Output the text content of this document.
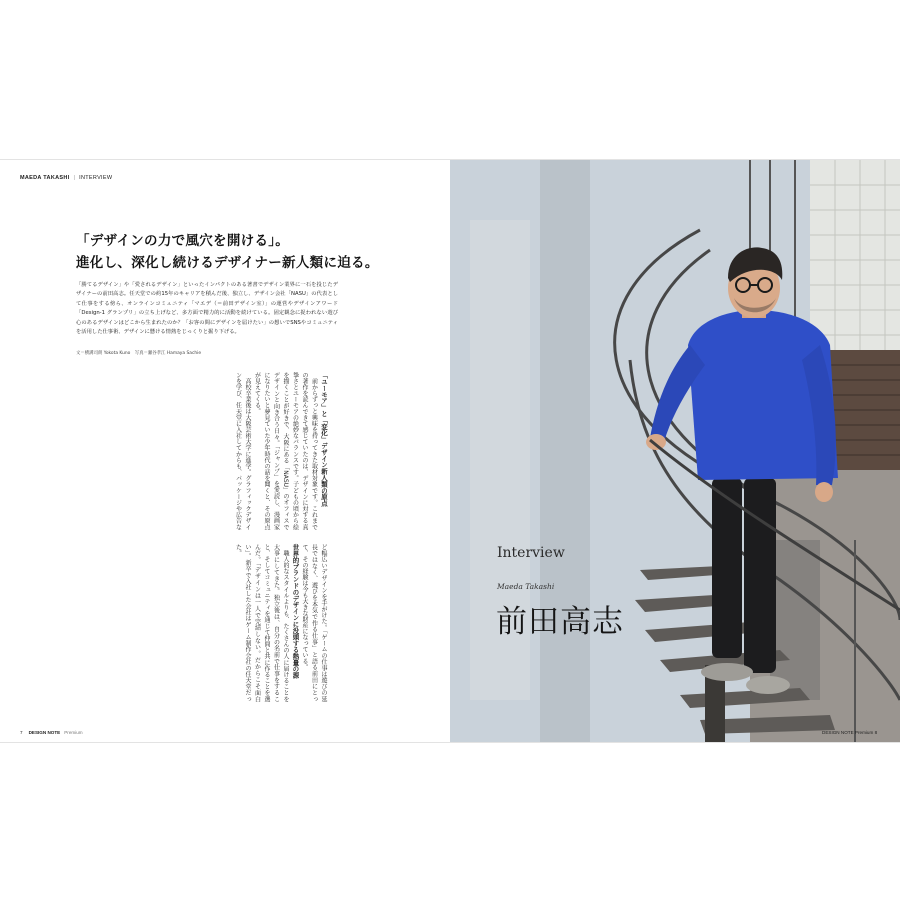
MAEDA TAKASHI | INTERVIEW
「デザインの力で風穴を開ける」。
進化し、深化し続けるデザイナー新人類に迫る。
「勝てるデザイン」や「愛されるデザイン」といったインパクトのある著書でデザイン業界に一石を投じたデザイナーの前田高志。任天堂での約15年のキャリアを積んだ後、独立し、デザイン会社「NASU」の代表として仕事をする傍ら、オンラインコミュニティ「マエデ（＝前田デザイン室）」の運営やデザインアワード「Design-1 グランプリ」の立ち上げなど、多方面で精力的に活動を続けている。固定観念に捉われない遊び心のあるデザインはどこから生まれたのか？「お客の間にデザインを届けたい」の想いでSNSやコミュニティを活用した仕事術、デザインに懸ける情熱をじっくりと掘り下げる。
文＝横溝司朗 Yokota Kuno　写真＝瀬谷孝江 Hamaya Sachie
「ユーモア」と「変化」デザイン新人類の原点

前からずっと興味を持ってきた取材対象です。これまでの著作を読んできて感じていたのは、デザインに対する真摯さとユーモアの絶妙なバランスです。子どもの頃から絵を描くことが好きで、大阪にある「NASU」のオフィスでデザインと向き合う日々。「ジャンプ」を愛読し、漫画家になりたいと夢見ていた少年時代の話を聞くと、その原点が見えてくる。

高校卒業後は大阪芸術大学に進学。グラフィックデザインを学び、任天堂に入社してからも、パッケージや広告など幅広いデザインを手がけた。「ゲームの仕事は遊びの延長ではなく、遊びを本気で作る仕事」と語る前田にとって、その経験は今も大きな財産になっている。

世界的ブランドのデザインに没頭する熱量の源

職人的なスタイルよりも、たくさんの人に届けることを大事にしてきた。独立後は、自分の名前で仕事をすること、そしてコミュニティを通じて仲間と共に作ることを選んだ。「デザインは一人で完結しない。だからこそ面白い」。新卒で入社した会社はゲーム制作会社の任天堂だった。

7 DESIGN NOTE Premium
Interview
Maeda Takashi
前田高志
DESIGN NOTE Premium 8
